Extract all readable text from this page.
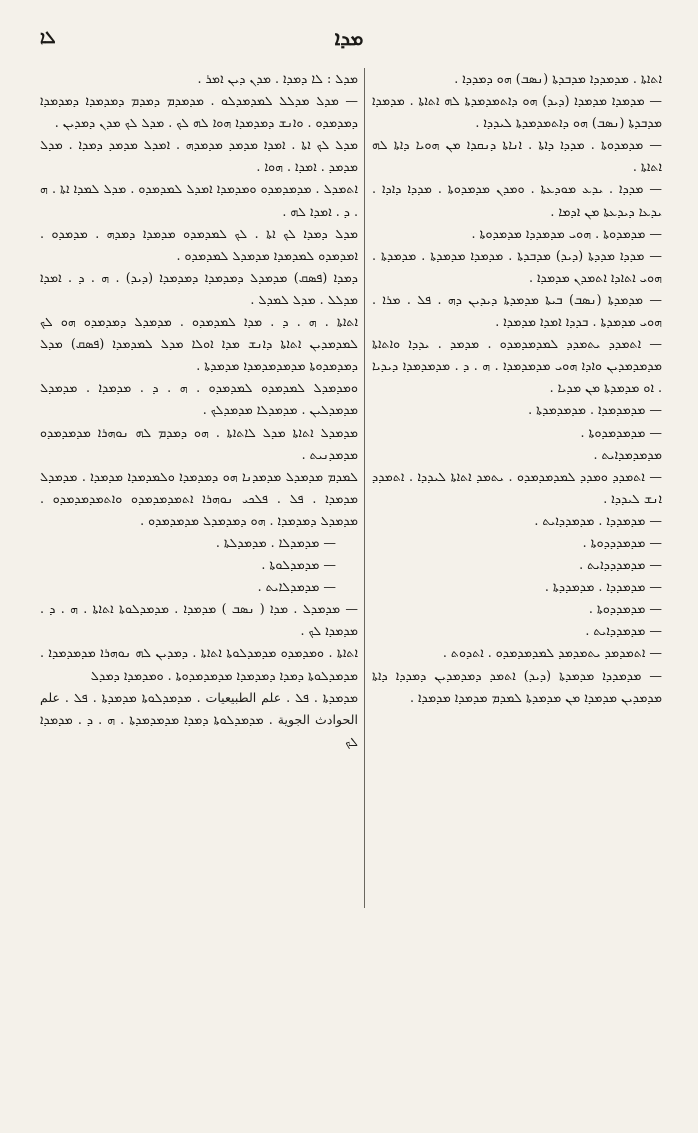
ܠܐ	ܡܕܐ

ܐܬܐܬܐ . ܡܕܡܕܕܐ ܡܕܒܕܬܐ (ܢܣܒ) ܗܘ ܕܡܕܕܐ .

— ܡܕܡܕܐ ܡܕܡܕܐ (ܕܝܕ) ܗܘ ܕܐܬܡܕܡܕܬܐ ܠܗ ܐܬܐܬܐ . ܡܕܡܕܐ ܡܕܒܕܬܐ (ܢܣܒ) ܗܘ ܕܐܬܡܕܡܕܬܐ ܠܝܕܕܐ .

— ܡܕܡܕܘܬܐ . ܡܕܕܐ ܕܐܬܐ . ܐܢܐܬܐ ܕܢܩܕܐ ܡܢ ܗܘܝܐ ܕܐܬܐ ܠܗ ܐܬܐܬܐ .

— ܡܕܕܐ . ܝܕܥ ܡܘܕܥܬܐ . ܘܡܕܢ ܡܕܡܕܘܬܐ . ܡܕܕܐ ܕܐܕܐ . ܝܕܥܐ ܕܝܕܥܬܐ ܡܢ ܐܕܡܐ .

— ܡܕܡܕܘܬܐ . ܗܘܝ ܡܕܡܕܕܐ ܡܕܡܕܘܬܐ .

— ܡܕܕܐ ܡܕܕܬܐ (ܕܝܕ) ܡܕܒܕܬܐ . ܡܕܡܕܐ ܡܕܡܕܬܐ . ܡܕܡܕܬܐ . ܗܘܝ ܐܬܐܕܐ ܐܬܡܕܢ ܡܕܡܕܐ .

— ܡܕܡܕܬܐ (ܢܣܒ) ܒܝܬܐ ܡܕܡܕܬܐ ܕܝܕܝܢ ܕܗ . ܦܠ . ܡܪܐ . ܗܘܝ ܡܕܡܕܬܐ . ܒܕܕܐ ܐܡܕܐ ܡܕܡܕܐ .

— ܐܬܡܕܕ ܝܬܡܕܕ ܠܡܕܡܕܡܕܘ . ܡܕܡܕ . ܝܕܕܐ ܘܐܬܐܬܐ ܡܕܡܕܡܕܝܢ ܘܐܕܐ ܗܘܝ ܡܕܡܕܡܕܐ . ܗ . ܕ . ܡܕܡܕܡܕܐ ܕܝܕܝܐ . ܐܘ ܡܕܡܕܬܐ ܡܢ ܡܕܝܐ .

— ܡܕܡܕܡܕܐ . ܡܕܡܕܡܕܬܐ .

— ܡܕܡܕܡܕܘܬܐ .

ܡܕܡܕܡܕܐܝܬ .

— ܐܬܡܕܕ ܘܡܕܕ ܠܡܕܡܕܡܕܘ . ܝܬܡܕ ܐܬܐܬܐ ܠܝܕܕܐ . ܐܬܡܕܕ ܐܢܫ ܠܝܕܕܐ .

— ܡܕܡܕܕܐ . ܡܕܡܕܕܐܝܬ .

— ܡܕܡܕܕܕܘܬܐ .

— ܡܕܡܕܕܕܐܝܬ .

— ܡܕܡܕܕܐ . ܡܕܡܕܕܬܐ .

— ܡܕܡܕܕܘܬܐ .

— ܡܕܡܕܕܐܝܬ .

— ܐܬܡܕܡܕ ܝܬܡܕܡܕ ܠܡܕܡܕܡܕܘ . ܐܬܕܘܬ .

— ܡܕܡܕܕܐ ܡܕܡܕܬܐ (ܕܝܕ) ܐܬܡܕ ܕܡܕܡܕܝܢ ܕܡܕܕܐ ܕܐܬܐ ܡܕܡܕܝܢ ܡܕܡܕܐ ܡܢ ܡܕܡܕܬܐ ܠܡܕܡ ܡܕܡܕܐ ܡܕܡܕܐ .

ܡܕܠ : ܠܐ ܕܡܕܐ . ܡܕܢ ܕܝܢ ܐܡܪ .

— ܡܕܠ ܡܕܠܠ ܠܡܕܡܕܠܘ . ܡܕܡܕܡ ܕܡܕܡ ܕܡܕܡܕܐ ܕܡܕܡܕܐ ܕܡܕܡܕܘ . ܘܐܢܫ ܕܡܕܡܕܐ ܗܘܐ ܠܗ ܠܟ . ܡܕܠ ܠܟ ܡܕܢ ܕܡܕܝܢ .

ܡܕܠ ܠܟ ܐܬܐ . ܐܡܕܐ ܡܕܡܕ ܡܕܡܕܗ . ܐܡܕܠ ܡܕܡܕ ܕܡܕܐ . ܡܕܠ ܡܕܡܕ . ܐܡܕܐ . ܗܘܐ .

ܐܬܡܕܠ . ܡܕܡܕܡܕܘ ܘܡܕܡܕܐ ܐܡܕܠ ܠܡܕܡܕܘ . ܡܕܠ ܠܡܕܐ ܐܬܐ . ܗ . ܕ . ܐܡܕܐ ܠܗ .

ܡܕܠ ܕܡܕܐ ܠܟ ܐܬܐ . ܠܟ ܠܡܕܡܕܘ ܡܕܡܕܐ ܕܡܕܗ . ܡܕܡܕܘ . ܐܡܕܡܕܘ ܠܡܕܡܕܐ ܡܕܡܕܠ ܠܡܕܡܕܘ .

ܕܡܕܐ (ܦܣܩ) ܡܕܡܕܠ ܕܡܕܡܕܐ ܕܡܕܡܕܐ (ܕܝܕ) . ܗ . ܕ . ܐܡܕܐ ܡܕܠܠ . ܡܕܠ ܠܡܕܠ .

ܐܬܐܬܐ . ܗ . ܕ . ܡܕܐ ܠܡܕܡܕܘ . ܡܕܡܕܠ ܕܡܕܡܕܘ ܗܘ ܠܟ ܠܡܕܡܕܝܢ ܐܬܐܬܐ ܕܐܢܫ ܡܕܐ ܐܘܠܐ ܡܕܠ ܠܡܕܡܕܐ (ܦܣܩ) ܡܕܠ ܕܡܕܡܕܘܬܐ ܡܕܡܕܡܕܡܕܐ ܡܕܡܕܬܐ .

ܘܡܕܡܕܠ ܠܡܕܡܕܘ ܠܡܕܡܕܘ . ܗ . ܕ . ܡܕܡܕܐ . ܡܕܡܕܠ ܡܕܡܕܠܝܢ . ܡܕܡܕܠܐ ܡܕܡܕܠܟ .

ܡܕܡܕܠ ܐܬܐܬܐ ܡܕܠ ܠܐܬܐܬܐ . ܗܘ ܕܡܕܡ ܠܗ ܢܘܗܪܐ ܡܕܡܕܡܕܘ ܡܕܡܕܢܝܬ .

ܠܡܕܡ ܡܕܡܕܠ ܡܕܡܕܢܐ ܗܘ ܕܡܕܡܕܐ ܘܠܡܕܡܕܐ ܡܕܡܕܐ . ܡܕܡܕܠ ܡܕܡܕܐ . ܦܠ . ܦܠܟܝ ܢܘܗܪܐ ܐܬܡܕܡܕܡܕܘ ܘܐܬܡܕܡܕܡܕܘ . ܡܕܡܕܠ ܕܡܕܡܕܐ . ܗܘ ܕܡܕܡܕܠ ܡܕܡܕܡܕܘ .

— ܡܕܡܕܠܐ . ܡܕܡܕܠܬܐ .

— ܡܕܡܕܠܘܬܐ .

— ܡܕܡܕܠܐܝܬ .

— ܡܕܡܕܠ . ܡܕܐ ( ܢܣܒ ) ܡܕܡܕܐ . ܡܕܡܕܠܘܬܐ ܐܬܐܬܐ . ܗ . ܕ . ܡܕܡܕܐ ܠܟ .

ܐܬܐܬܐ . ܘܡܕܡܕܘ ܡܕܡܕܠܘܬܐ ܐܬܐܬܐ . ܕܡܕܝܢ ܠܗ ܢܘܗܪܐ ܡܕܡܕܡܕܐ . ܡܕܡܕܠܘܬܐ ܕܡܕܐ ܕܡܕܡܕܐ ܡܕܡܕܡܕܘܬܐ . ܘܡܕܡܕܐ ܕܡܕܠ

ܡܕܡܕܬܐ . ܦܠ . علم الطبيعيات . ܡܕܡܕܠܘܬܐ ܡܕܡܕܬܐ . ܦܠ . علم الحوادث الجوية . ܡܕܡܕܠܘܬܐ ܕܡܕܐ ܡܕܡܕܡܕܬܐ . ܗ . ܕ . ܡܕܡܕܐ ܠܟ
